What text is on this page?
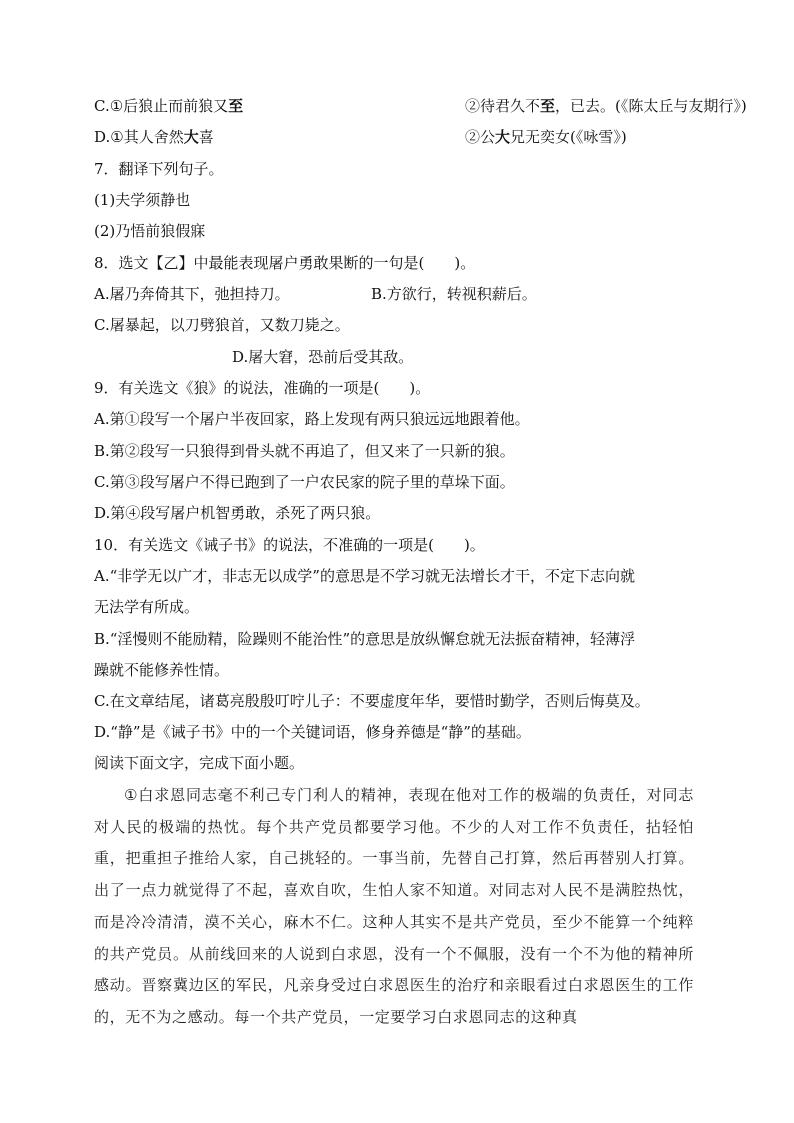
C.①后狼止而前狼又至	②待君久不至，已去。(《陈太丘与友期行》)
D.①其人舍然大喜	②公大兄无奕女(《咏雪》)
7．翻译下列句子。
(1)夫学须静也
(2)乃悟前狼假寐
8．选文【乙】中最能表现屠户勇敢果断的一句是(　　)。
A.屠乃奔倚其下，弛担持刀。	B.方欲行，转视积薪后。
C.屠暴起，以刀劈狼首，又数刀毙之。
D.屠大窘，恐前后受其敌。
9．有关选文《狼》的说法，准确的一项是(　　)。
A.第①段写一个屠户半夜回家，路上发现有两只狼远远地跟着他。
B.第②段写一只狼得到骨头就不再追了，但又来了一只新的狼。
C.第③段写屠户不得已跑到了一户农民家的院子里的草垛下面。
D.第④段写屠户机智勇敢，杀死了两只狼。
10．有关选文《诫子书》的说法，不准确的一项是(　　)。
A.“非学无以广才，非志无以成学”的意思是不学习就无法增长才干，不定下志向就
无法学有所成。
B.“淫慢则不能励精，险躁则不能治性”的意思是放纵懈怠就无法振奋精神，轻薄浮
躁就不能修养性情。
C.在文章结尾，诸葛亮殷殷叮咛儿子：不要虚度年华，要惜时勤学，否则后悔莫及。
D.“静”是《诫子书》中的一个关键词语，修身养德是“静”的基础。
阅读下面文字，完成下面小题。
①白求恩同志毫不利己专门利人的精神，表现在他对工作的极端的负责任，对同志对人民的极端的热忱。每个共产党员都要学习他。不少的人对工作不负责任，拈轻怕重，把重担子推给人家，自己挑轻的。一事当前，先替自己打算，然后再替别人打算。出了一点力就觉得了不起，喜欢自吹，生怕人家不知道。对同志对人民不是满腔热忱，而是冷冷清清，漠不关心，麻木不仁。这种人其实不是共产党员，至少不能算一个纯粹的共产党员。从前线回来的人说到白求恩，没有一个不佩服，没有一个不为他的精神所感动。晋察冀边区的军民，凡亲身受过白求恩医生的治疗和亲眼看过白求恩医生的工作的，无不为之感动。每一个共产党员，一定要学习白求恩同志的这种真
